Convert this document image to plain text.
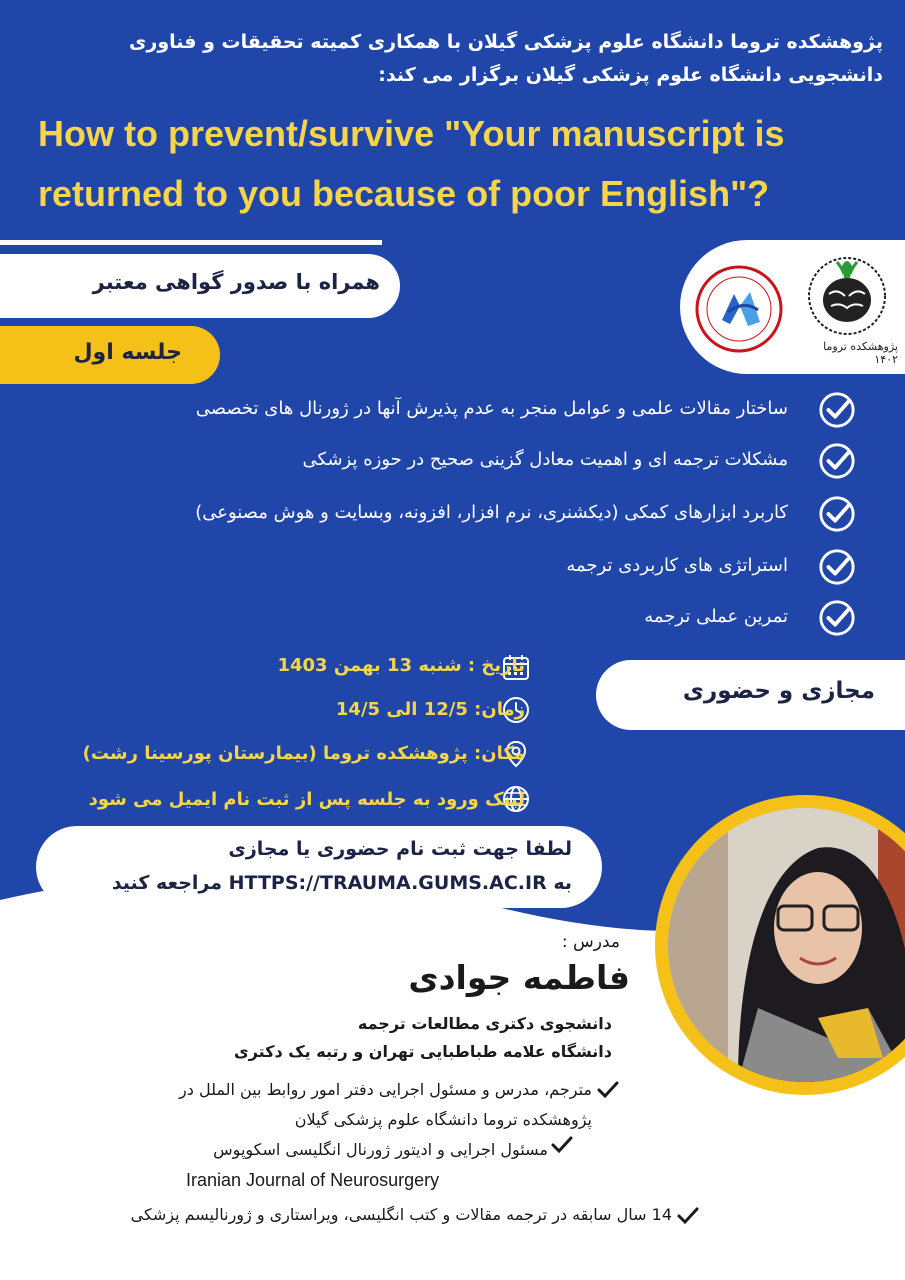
پژوهشکده تروما دانشگاه علوم پزشکی گیلان با همکاری کمیته تحقیقات و فناوری
دانشجویی دانشگاه علوم پزشکی گیلان برگزار می کند:
How to prevent/survive "Your manuscript is
returned to you because of poor English"?
همراه با صدور گواهی معتبر
جلسه اول	پژوهشکده تروما ۱۴۰۲
ساختار مقالات علمی و عوامل منجر به عدم پذیرش آنها در ژورنال های تخصصی
مشکلات ترجمه ای و اهمیت معادل گزینی صحیح در حوزه پزشکی
کاربرد ابزارهای کمکی (دیکشنری، نرم افزار، افزونه، وبسایت و هوش مصنوعی)
استراتژی های کاربردی ترجمه
تمرین عملی ترجمه
مجازی و حضوری
تاریخ : شنبه 13 بهمن 1403
زمان: 12/5 الی 14/5
مکان: پژوهشکده تروما (بیمارستان پورسینا رشت)
لینک ورود به جلسه پس از ثبت نام ایمیل می شود
لطفا جهت ثبت نام حضوری یا مجازی
به HTTPS://TRAUMA.GUMS.AC.IR مراجعه کنید
مدرس :
فاطمه جوادی
دانشجوی دکتری مطالعات ترجمه
دانشگاه علامه طباطبایی تهران و رتبه یک دکتری
مترجم، مدرس و مسئول اجرایی دفتر امور روابط بین الملل در
پژوهشکده تروما دانشگاه علوم پزشکی گیلان
مسئول اجرایی و ادیتور ژورنال انگلیسی اسکوپوس
Iranian Journal of Neurosurgery
14 سال سابقه در ترجمه مقالات و کتب انگلیسی، ویراستاری و ژورنالیسم پزشکی
